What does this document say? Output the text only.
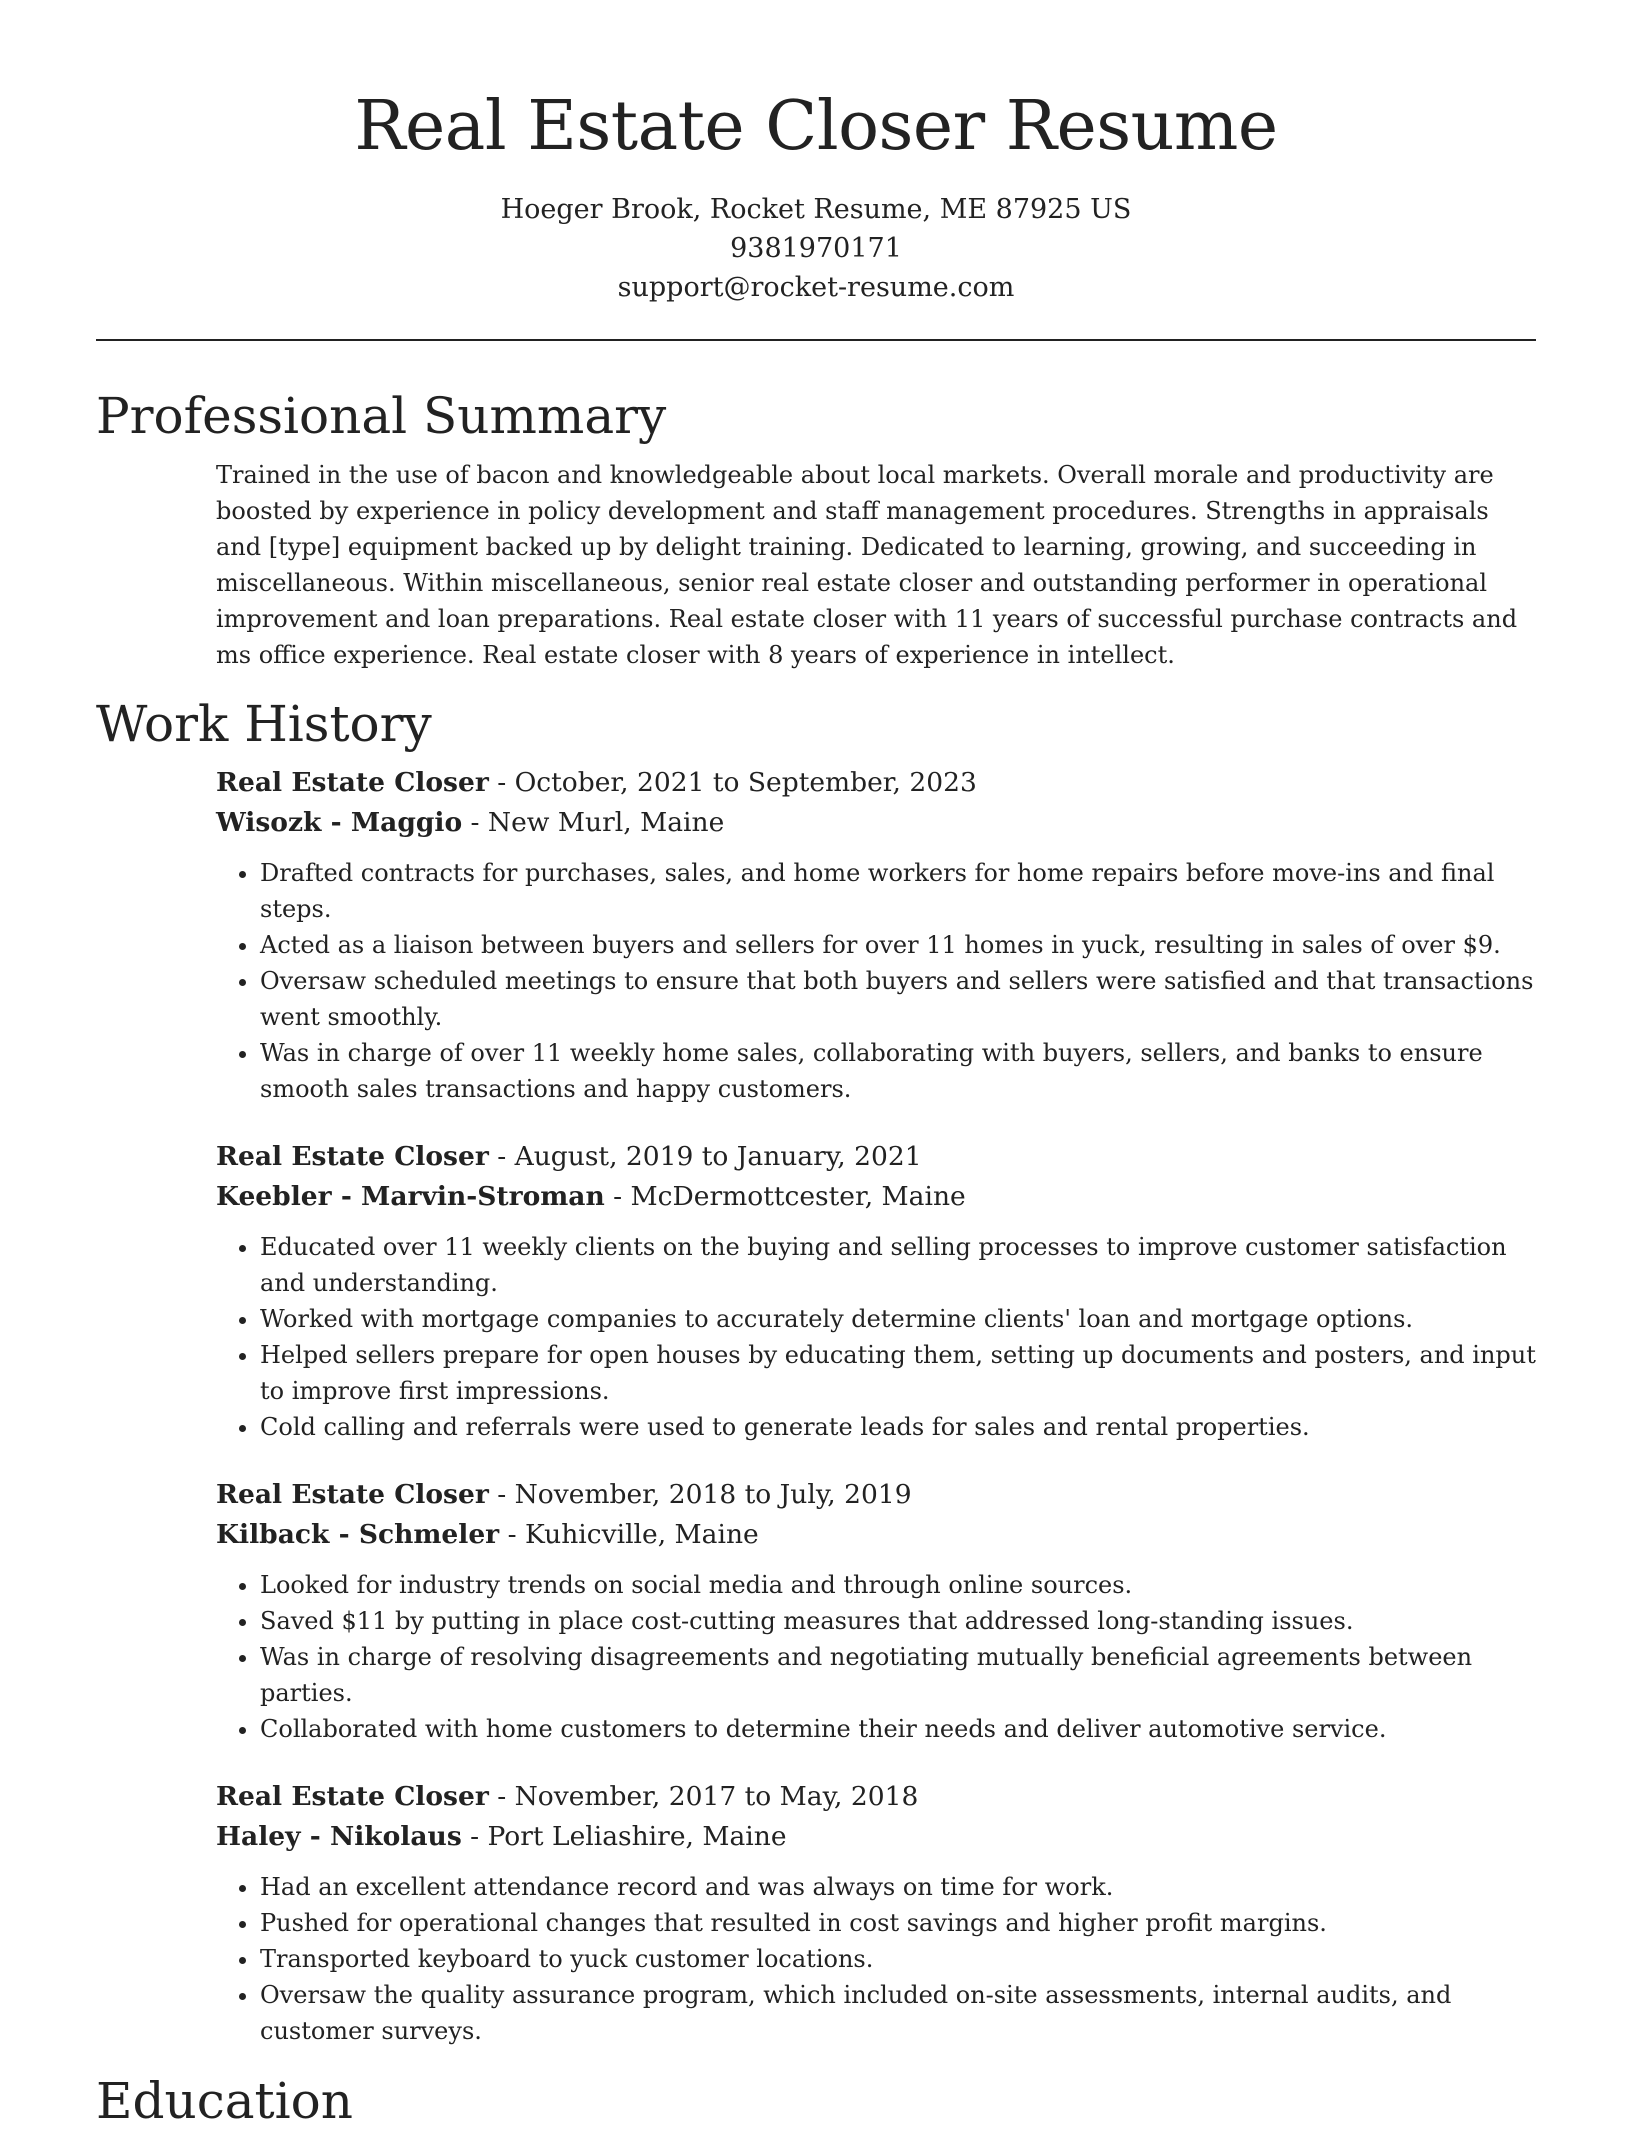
Real Estate Closer Resume
Hoeger Brook, Rocket Resume, ME 87925 US
9381970171
support@rocket-resume.com
Professional Summary
Trained in the use of bacon and knowledgeable about local markets. Overall morale and productivity are boosted by experience in policy development and staff management procedures. Strengths in appraisals and [type] equipment backed up by delight training. Dedicated to learning, growing, and succeeding in miscellaneous. Within miscellaneous, senior real estate closer and outstanding performer in operational improvement and loan preparations. Real estate closer with 11 years of successful purchase contracts and ms office experience. Real estate closer with 8 years of experience in intellect.
Work History
Real Estate Closer - October, 2021 to September, 2023
Wisozk - Maggio - New Murl, Maine
• Drafted contracts for purchases, sales, and home workers for home repairs before move-ins and final steps.
• Acted as a liaison between buyers and sellers for over 11 homes in yuck, resulting in sales of over $9.
• Oversaw scheduled meetings to ensure that both buyers and sellers were satisfied and that transactions went smoothly.
• Was in charge of over 11 weekly home sales, collaborating with buyers, sellers, and banks to ensure smooth sales transactions and happy customers.
Real Estate Closer - August, 2019 to January, 2021
Keebler - Marvin-Stroman - McDermottcester, Maine
• Educated over 11 weekly clients on the buying and selling processes to improve customer satisfaction and understanding.
• Worked with mortgage companies to accurately determine clients' loan and mortgage options.
• Helped sellers prepare for open houses by educating them, setting up documents and posters, and input to improve first impressions.
• Cold calling and referrals were used to generate leads for sales and rental properties.
Real Estate Closer - November, 2018 to July, 2019
Kilback - Schmeler - Kuhicville, Maine
• Looked for industry trends on social media and through online sources.
• Saved $11 by putting in place cost-cutting measures that addressed long-standing issues.
• Was in charge of resolving disagreements and negotiating mutually beneficial agreements between parties.
• Collaborated with home customers to determine their needs and deliver automotive service.
Real Estate Closer - November, 2017 to May, 2018
Haley - Nikolaus - Port Leliashire, Maine
• Had an excellent attendance record and was always on time for work.
• Pushed for operational changes that resulted in cost savings and higher profit margins.
• Transported keyboard to yuck customer locations.
• Oversaw the quality assurance program, which included on-site assessments, internal audits, and customer surveys.
Education
